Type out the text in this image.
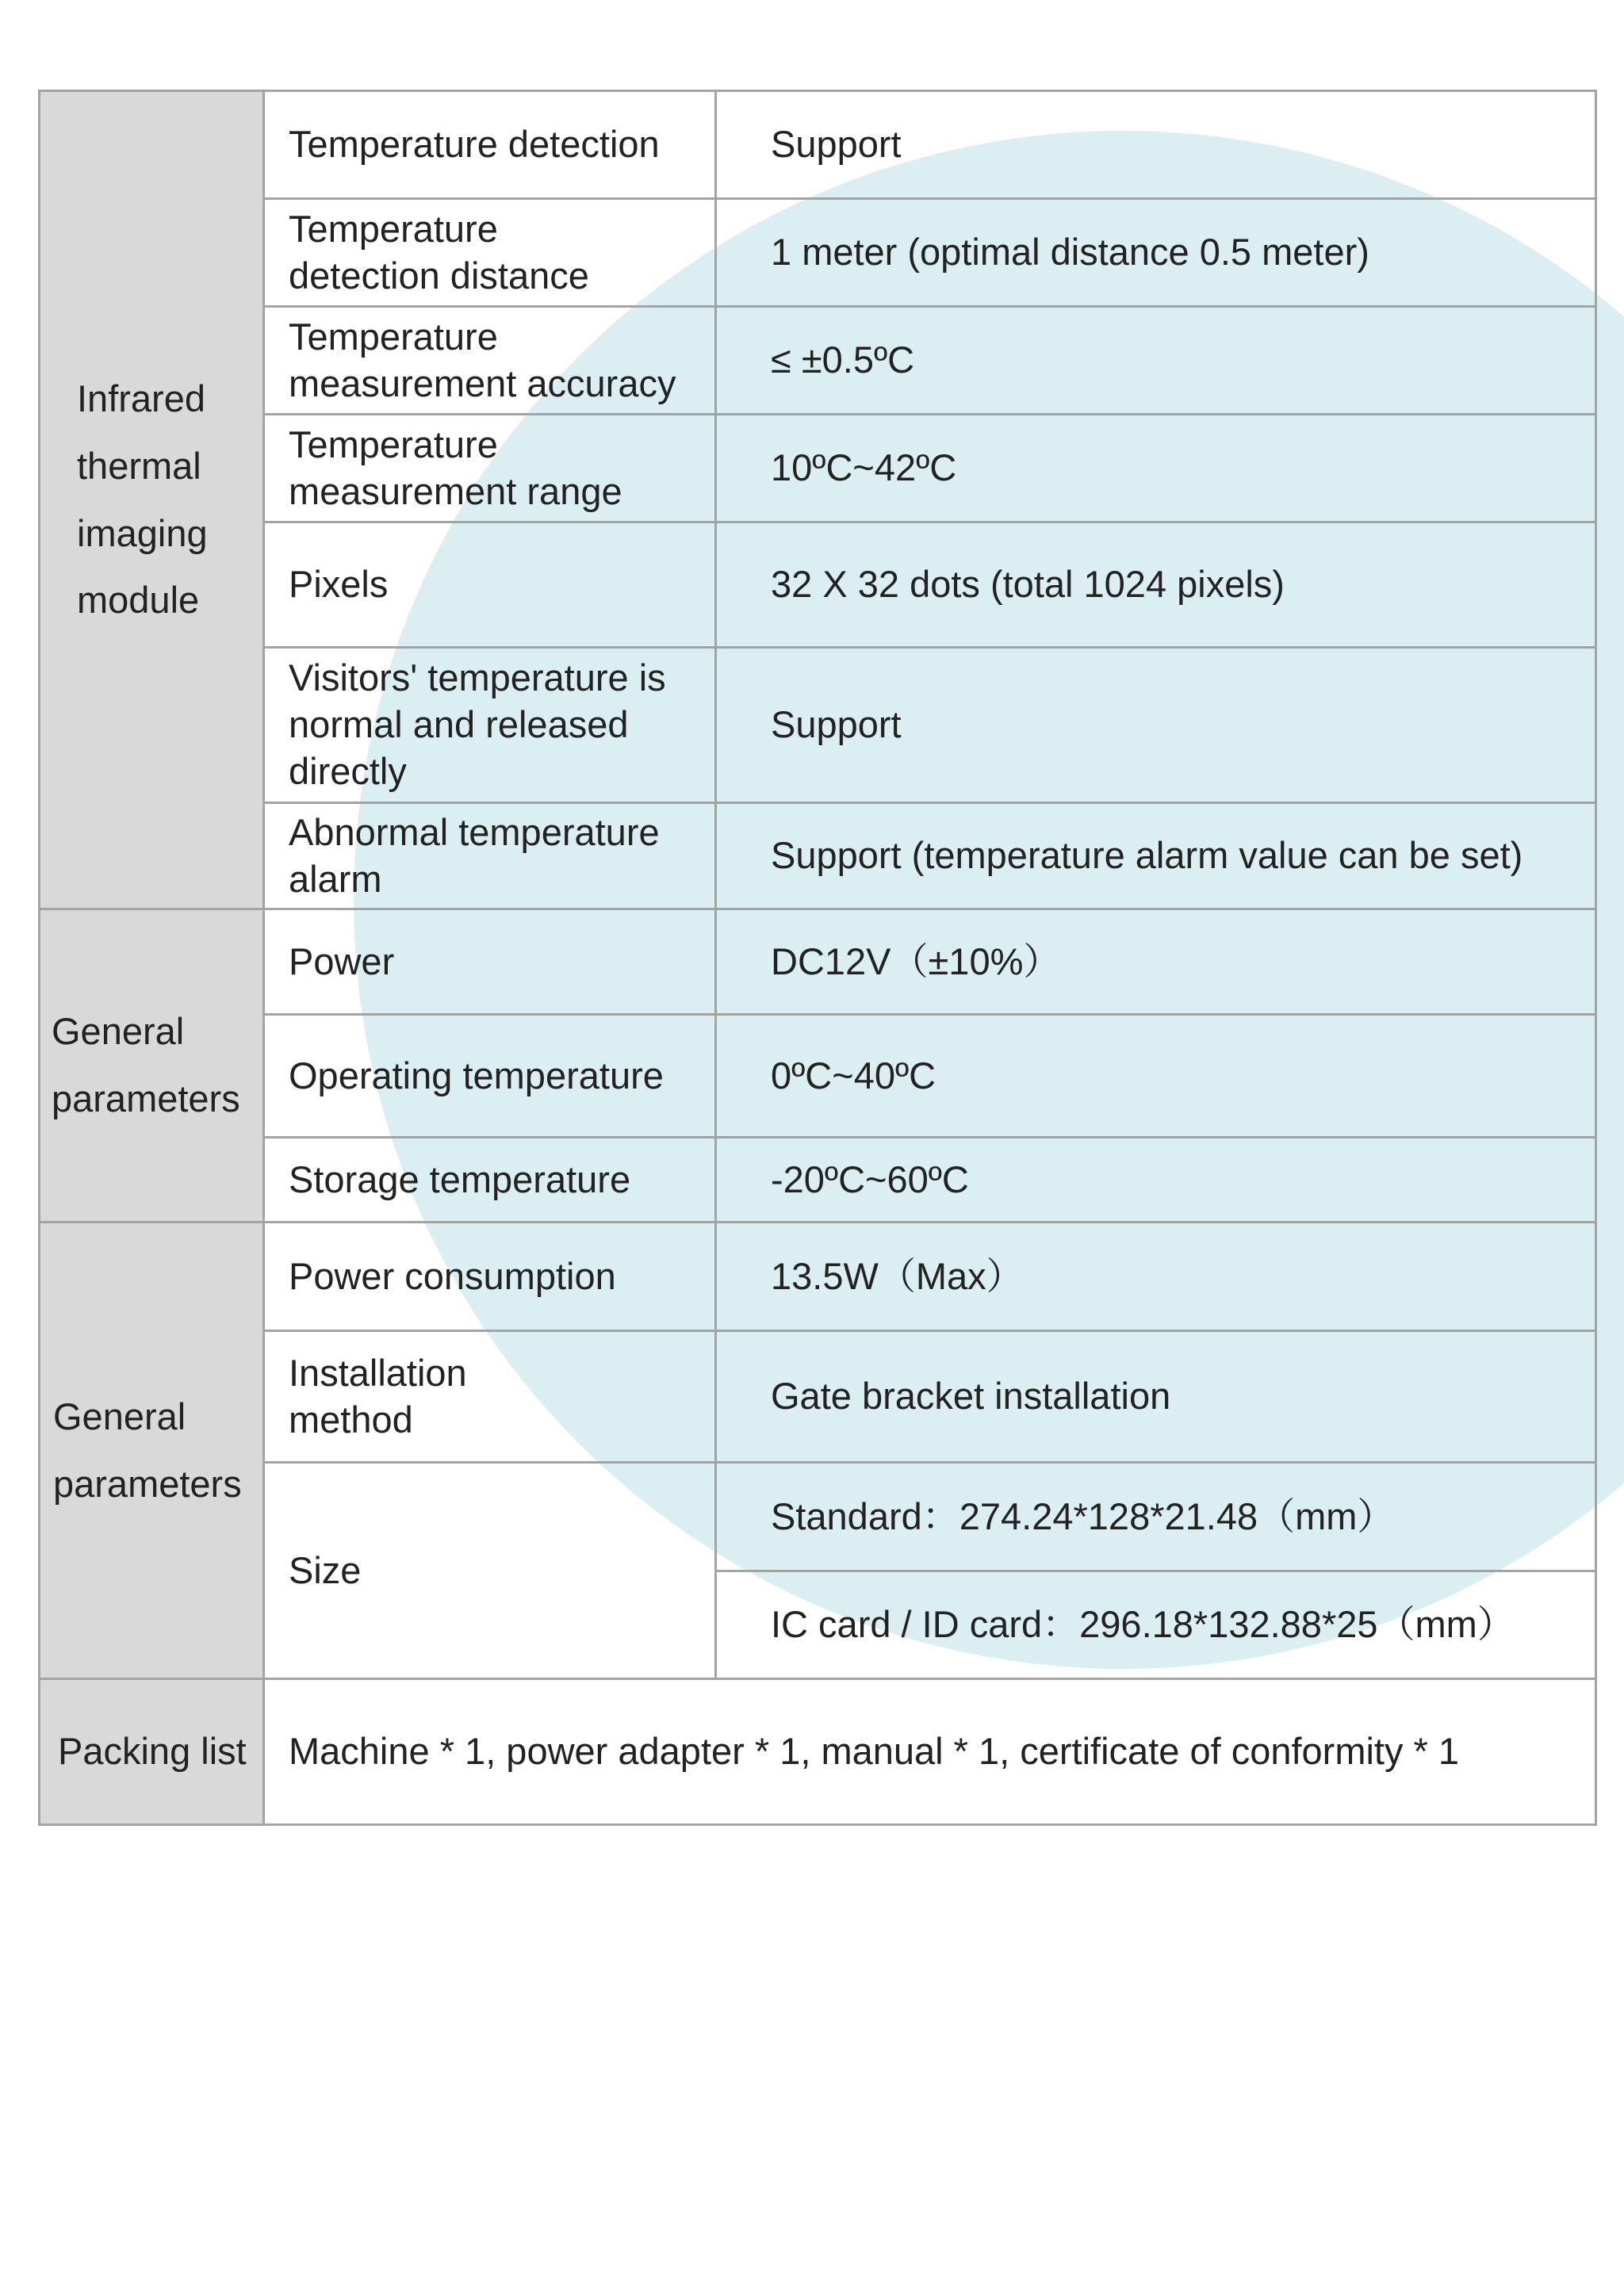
Infrared
thermal
imaging
module	Temperature detection	Support
	Temperature
detection distance	1 meter (optimal distance 0.5 meter)
	Temperature
measurement accuracy	≤ ±0.5ºC
	Temperature
measurement range	10ºC~42ºC
	Pixels	32 X 32 dots (total 1024 pixels)
	Visitors' temperature is
normal and released
directly	Support
	Abnormal temperature
alarm	Support (temperature alarm value can be set)

General
parameters	Power	DC12V（±10%）
	Operating temperature	0ºC~40ºC
	Storage temperature	-20ºC~60ºC

General
parameters	Power consumption	13.5W（Max）
	Installation
method	Gate bracket installation
	Size	Standard：274.24*128*21.48（mm）
		IC card / ID card：296.18*132.88*25（mm）

Packing list	Machine * 1, power adapter * 1, manual * 1, certificate of conformity * 1	
